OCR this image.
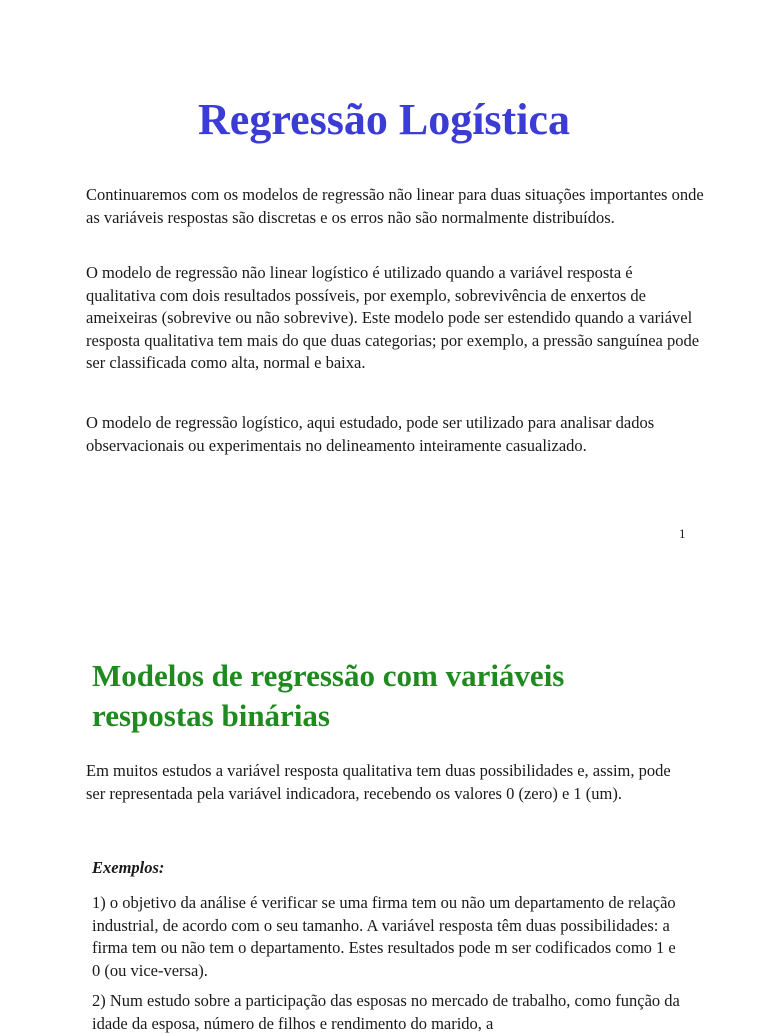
Regressão Logística

Continuaremos com os modelos de regressão não linear para duas situações importantes onde as variáveis respostas são discretas e os erros não são normalmente distribuídos.

O modelo de regressão não linear logístico é utilizado quando a variável resposta é qualitativa com dois resultados possíveis, por exemplo, sobrevivência de enxertos de ameixeiras (sobrevive ou não sobrevive). Este modelo pode ser estendido quando a variável resposta qualitativa tem mais do que duas categorias; por exemplo, a pressão sanguínea pode ser classificada como alta, normal e baixa.

O modelo de regressão logístico, aqui estudado, pode ser utilizado para analisar dados observacionais ou experimentais no delineamento inteiramente casualizado.

1

Modelos de regressão com variáveis respostas binárias

Em muitos estudos a variável resposta qualitativa tem duas possibilidades e, assim, pode ser representada pela variável indicadora, recebendo os valores 0 (zero) e 1 (um).

Exemplos:

1) o objetivo da análise é verificar se uma firma tem ou não um departamento de relação industrial, de acordo com o seu tamanho. A variável resposta têm duas possibilidades: a firma tem ou não tem o departamento. Estes resultados pode m ser codificados como 1 e 0 (ou vice-versa).

2) Num estudo sobre a participação das esposas no mercado de trabalho, como função da idade da esposa, número de filhos e rendimento do marido, a
